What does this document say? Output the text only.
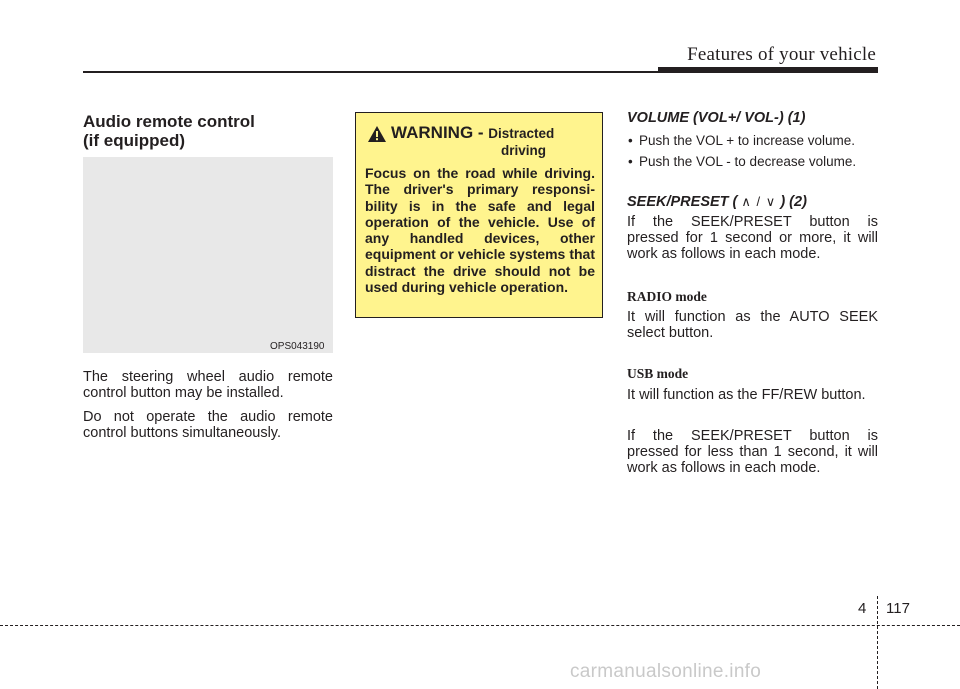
Features of your vehicle
Audio remote control
(if equipped)
OPS043190

The steering wheel audio remote control button may be installed.

Do not operate the audio remote control buttons simultaneously.

WARNING - Distracted
driving

Focus on the road while driving. The driver's primary responsi-bility is in the safe and legal operation of the vehicle. Use of any handled devices, other equipment or vehicle systems that distract the drive should not be used during vehicle operation.

VOLUME (VOL+/ VOL-) (1)

• Push the VOL + to increase volume.
• Push the VOL - to decrease volume.

SEEK/PRESET ( ∧ / ∨ ) (2)

If the SEEK/PRESET button is pressed for 1 second or more, it will work as follows in each mode.

RADIO mode

It will function as the AUTO SEEK select button.

USB mode

It will function as the FF/REW button.

If the SEEK/PRESET button is pressed for less than 1 second, it will work as follows in each mode.

4 117
carmanualsonline.info
